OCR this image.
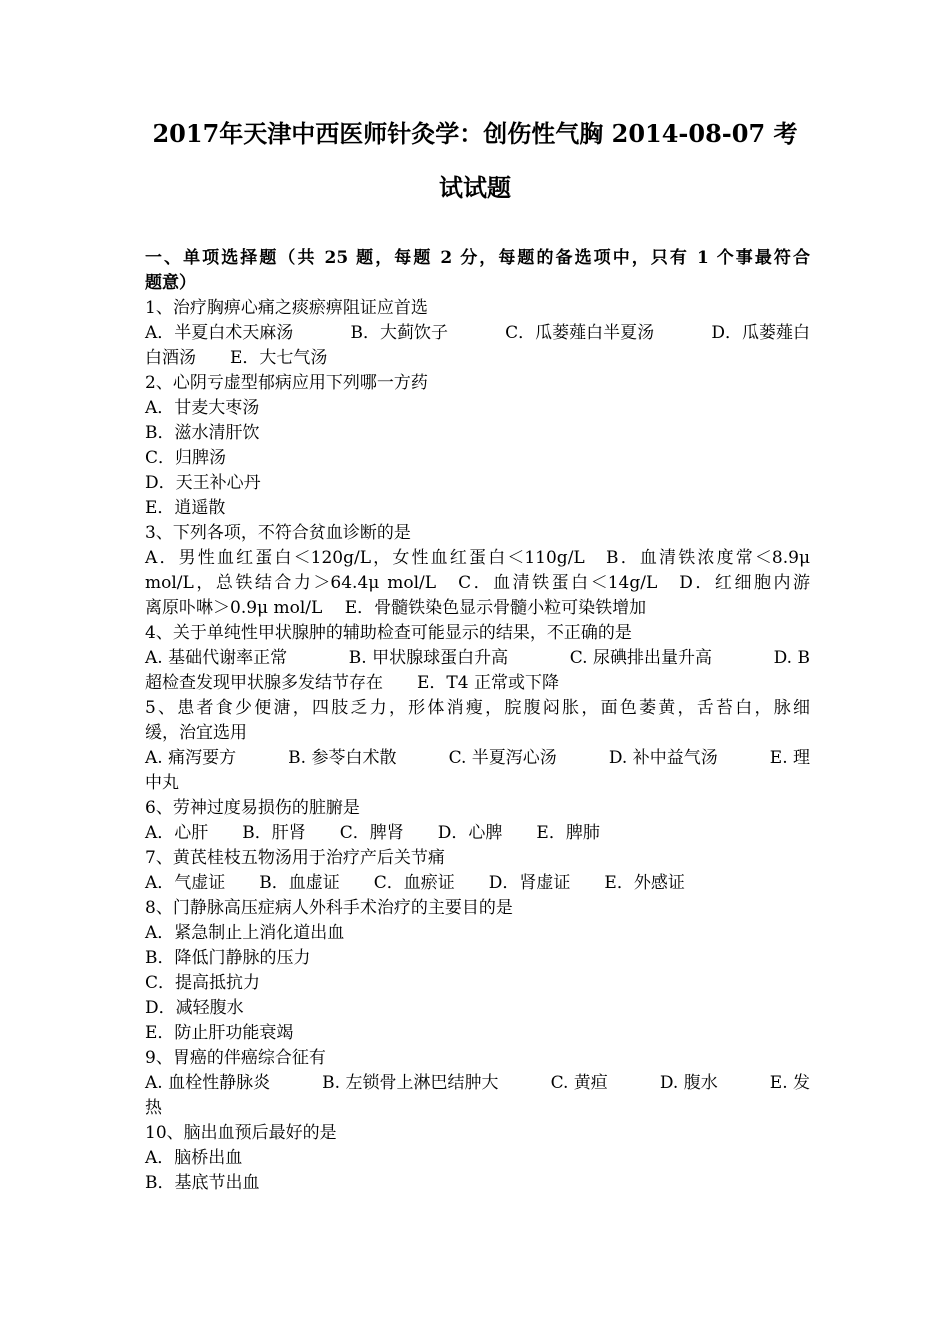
2017年天津中西医师针灸学：创伤性气胸 2014-08-07 考
试试题
一、单项选择题（共 25 题，每题 2 分，每题的备选项中，只有 1 个事最符合
题意）
1、治疗胸痹心痛之痰瘀痹阻证应首选
A．半夏白术天麻汤	B．大蓟饮子	C．瓜蒌薤白半夏汤	D．瓜蒌薤白
白酒汤　　E．大七气汤
2、心阴亏虚型郁病应用下列哪一方药
A．甘麦大枣汤
B．滋水清肝饮
C．归脾汤
D．天王补心丹
E．逍遥散
3、下列各项，不符合贫血诊断的是
A．男性血红蛋白＜120g/L，女性血红蛋白＜110g/L　B．血清铁浓度常＜8.9μ
mol/L，总铁结合力＞64.4μ mol/L　C．血清铁蛋白＜14g/L　D．红细胞内游
离原卟啉＞0.9μ mol/L　 E．骨髓铁染色显示骨髓小粒可染铁增加
4、关于单纯性甲状腺肿的辅助检查可能显示的结果，不正确的是
A. 基础代谢率正常	B. 甲状腺球蛋白升高	C. 尿碘排出量升高	D. B
超检查发现甲状腺多发结节存在　　E．T4 正常或下降
5、患者食少便溏，四肢乏力，形体消瘦，脘腹闷胀，面色萎黄，舌苔白，脉细
缓，治宜选用
A. 痛泻要方	B. 参苓白术散	C. 半夏泻心汤	D. 补中益气汤	E. 理
中丸
6、劳神过度易损伤的脏腑是
A．心肝　　B．肝肾　　C．脾肾　　D．心脾　　E．脾肺
7、黄芪桂枝五物汤用于治疗产后关节痛
A．气虚证　　B．血虚证　　C．血瘀证　　D．肾虚证　　E．外感证
8、门静脉高压症病人外科手术治疗的主要目的是
A．紧急制止上消化道出血
B．降低门静脉的压力
C．提高抵抗力
D．减轻腹水
E．防止肝功能衰竭
9、胃癌的伴癌综合征有
A. 血栓性静脉炎	B. 左锁骨上淋巴结肿大	C. 黄疸	D. 腹水	E. 发
热
10、脑出血预后最好的是
A．脑桥出血
B．基底节出血
